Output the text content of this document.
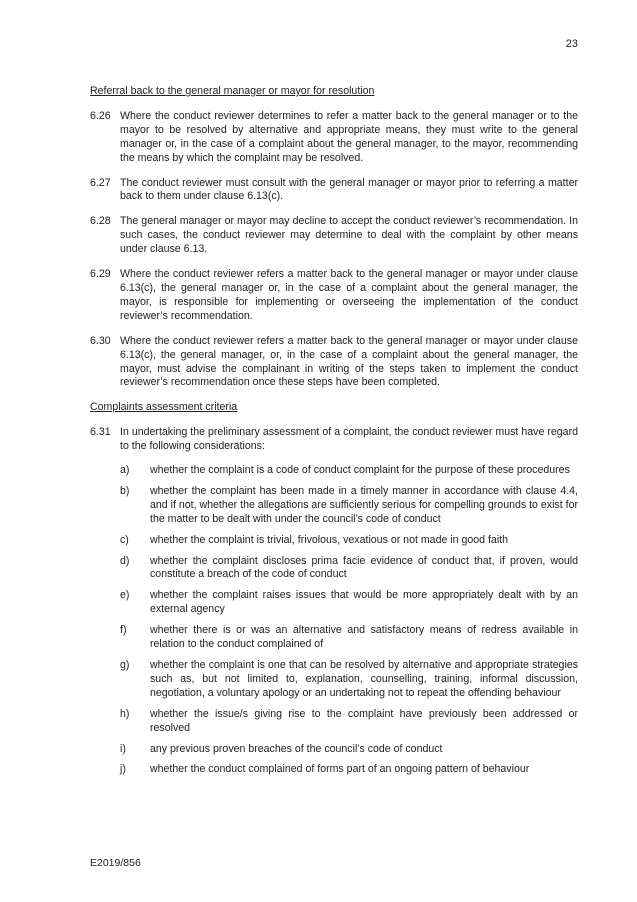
23
Referral back to the general manager or mayor for resolution
6.26 Where the conduct reviewer determines to refer a matter back to the general manager or to the mayor to be resolved by alternative and appropriate means, they must write to the general manager or, in the case of a complaint about the general manager, to the mayor, recommending the means by which the complaint may be resolved.
6.27 The conduct reviewer must consult with the general manager or mayor prior to referring a matter back to them under clause 6.13(c).
6.28 The general manager or mayor may decline to accept the conduct reviewer’s recommendation. In such cases, the conduct reviewer may determine to deal with the complaint by other means under clause 6.13.
6.29 Where the conduct reviewer refers a matter back to the general manager or mayor under clause 6.13(c), the general manager or, in the case of a complaint about the general manager, the mayor, is responsible for implementing or overseeing the implementation of the conduct reviewer’s recommendation.
6.30 Where the conduct reviewer refers a matter back to the general manager or mayor under clause 6.13(c), the general manager, or, in the case of a complaint about the general manager, the mayor, must advise the complainant in writing of the steps taken to implement the conduct reviewer’s recommendation once these steps have been completed.
Complaints assessment criteria
6.31 In undertaking the preliminary assessment of a complaint, the conduct reviewer must have regard to the following considerations:
a)	whether the complaint is a code of conduct complaint for the purpose of these procedures
b)	whether the complaint has been made in a timely manner in accordance with clause 4.4, and if not, whether the allegations are sufficiently serious for compelling grounds to exist for the matter to be dealt with under the council’s code of conduct
c)	whether the complaint is trivial, frivolous, vexatious or not made in good faith
d)	whether the complaint discloses prima facie evidence of conduct that, if proven, would constitute a breach of the code of conduct
e)	whether the complaint raises issues that would be more appropriately dealt with by an external agency
f)	whether there is or was an alternative and satisfactory means of redress available in relation to the conduct complained of
g)	whether the complaint is one that can be resolved by alternative and appropriate strategies such as, but not limited to, explanation, counselling, training, informal discussion, negotiation, a voluntary apology or an undertaking not to repeat the offending behaviour
h)	whether the issue/s giving rise to the complaint have previously been addressed or resolved
i)	any previous proven breaches of the council’s code of conduct
j)	whether the conduct complained of forms part of an ongoing pattern of behaviour
E2019/856
